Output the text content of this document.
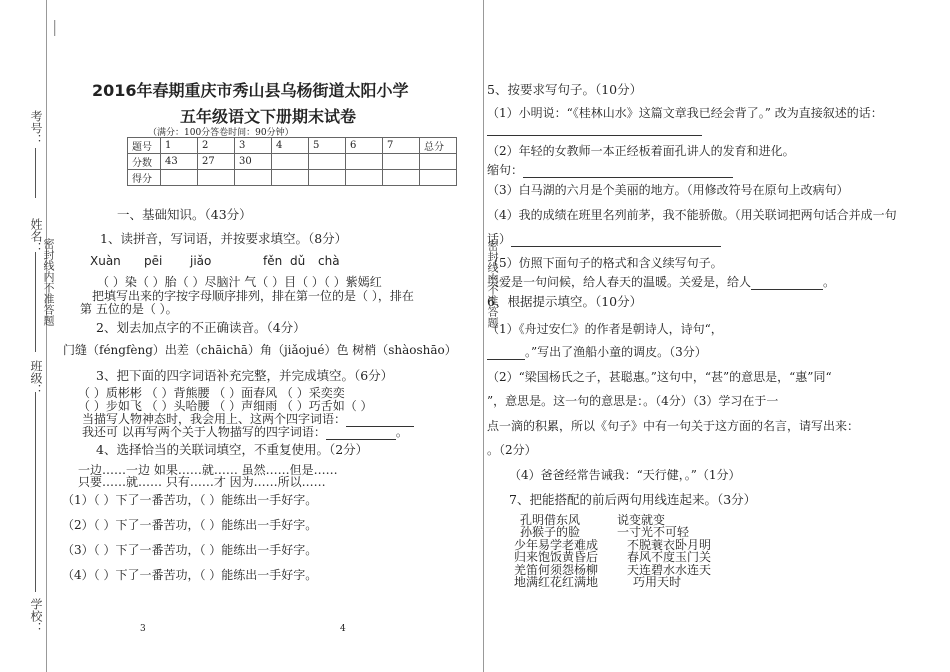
︳
考号：
姓名：
密封线内不准答题
班级：
学校：
密封线内不准答题
2016年春期重庆市秀山县乌杨街道太阳小学
五年级语文下册期末试卷
（满分：100分答卷时间：90分钟）
题号	1	2	3	4	5	6	7	总分
分数	43	27	30					
得分								
一、基础知识。（43分）
1、读拼音，写词语，并按要求填空。（8分）
Xuàn pēi jiǎo	fěn dǔ chà
（ ）染（ ）胎（ ）尽脑汁 气（ ）目（ ）（ ）紫嫣红
把填写出来的字按字母顺序排列，排在第一位的是（ ），排在
第 五位的是（ ）。
2、划去加点字的不正确读音。（4分）
门缝（féngfèng）出差（chāichā）角（jiǎojué）色 树梢（shàoshāo）
3、把下面的四字词语补充完整，并完成填空。（6分）
（ ）质彬彬 （ ）背熊腰 （ ）面春风 （ ）采奕奕
（ ）步如飞 （ ）头哈腰 （ ）声细雨 （ ）巧舌如（ ）
当描写人物神态时，我会用上、这两个四字词语：
我还可 以再写两个关于人物描写的四字词语：	。
4、选择恰当的关联词填空，不重复使用。（2分）
一边……一边 如果……就…… 虽然……但是……
只要……就…… 只有……才 因为……所以……
（1）（ ）下了一番苦功，（ ）能练出一手好字。
（2）（ ）下了一番苦功，（ ）能练出一手好字。
（3）（ ）下了一番苦功，（ ）能练出一手好字。
（4）（ ）下了一番苦功，（ ）能练出一手好字。
3	4
5、按要求写句子。（10分）
（1）小明说：“《桂林山水》这篇文章我已经会背了。” 改为直接叙述的话：
（2）年轻的女教师一本正经板着面孔讲人的发育和进化。
缩句：
（3）白马湖的六月是个美丽的地方。（用修改符号在原句上改病句）
（4）我的成绩在班里名列前茅，我不能骄傲。（用关联词把两句话合并成一句
话）
（5）仿照下面句子的格式和含义续写句子。
关爱是一句问候，给人春天的温暖。关爱是，给人	。
6、根据提示填空。（10分）
（1）《舟过安仁》的作者是朝诗人，诗句“，
。”写出了渔船小童的调皮。（3分）
（2）“梁国杨氏之子，甚聪惠。”这句中，“甚”的意思是，“惠”同“
”，意思是。这一句的意思是：。（4分）（3）学习在于一
点一滴的积累，所以《句子》中有一句关于这方面的名言，请写出来：
。（2分）
（4）爸爸经常告诫我：“天行健，。”（1分）
7、把能搭配的前后两句用线连起来。（3分）
孔明借东风
孙猴子的脸
少年易学老难成
归来饱饭黄昏后
羌笛何须怨杨柳
地满红花红满地
说变就变
一寸光不可轻
不脱蓑衣卧月明
春风不度玉门关
天连碧水水连天
巧用天时
